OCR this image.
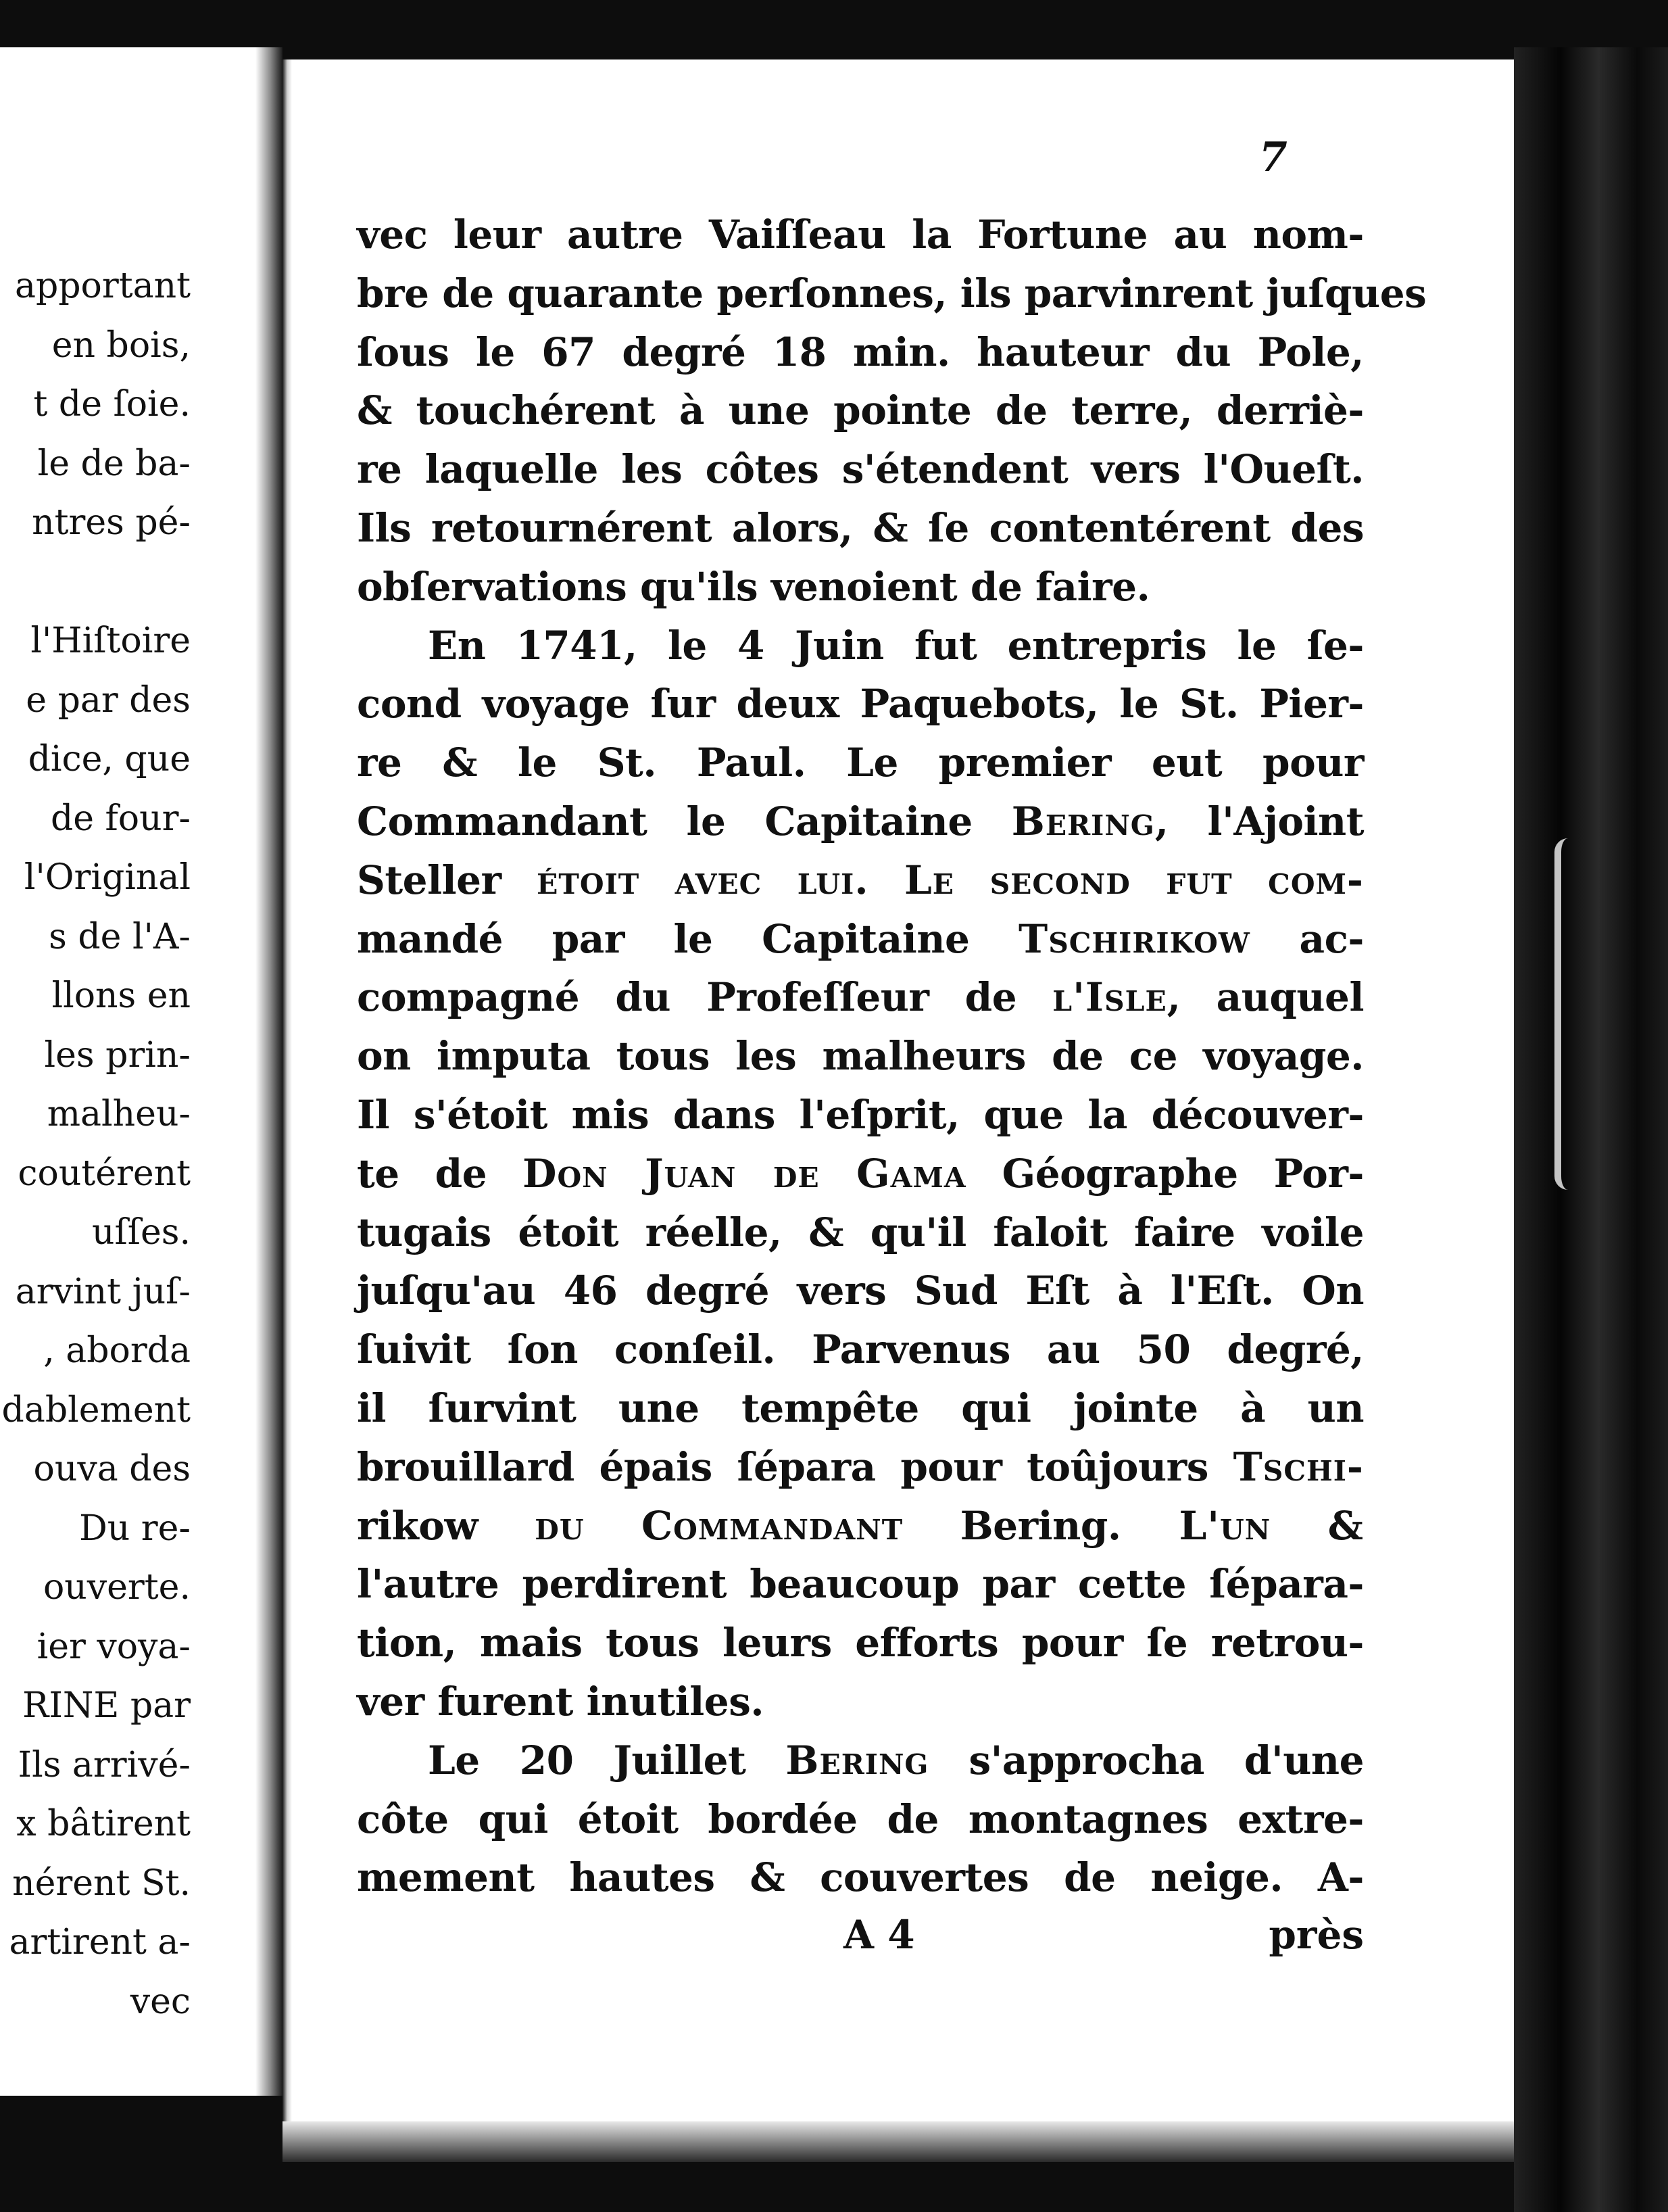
apportant
en bois,
t de ſoie.
le de ba-
ntres pé-
l'Hiſtoire
e par des
dice, que
de four-
l'Original
s de l'A-
llons en
les prin-
malheu-
coutérent
uſſes.
arvint juſ-
, aborda
dablement
ouva des
Du re-
ouverte.
ier voya-
RINE par
Ils arrivé-
x bâtirent
nérent St.
artirent a-
vec
7
vec leur autre Vaiſſeau la Fortune au nom-
bre de quarante perſonnes, ils parvinrent juſques
ſous le 67 degré 18 min. hauteur du Pole,
& touchérent à une pointe de terre, derriè-
re laquelle les côtes s'étendent vers l'Oueſt.
Ils retournérent alors, & ſe contentérent des
obſervations qu'ils venoient de faire.
En 1741, le 4 Juin fut entrepris le ſe-
cond voyage ſur deux Paquebots, le St. Pier-
re & le St. Paul. Le premier eut pour
Commandant le Capitaine Bering, l'Ajoint
Steller étoit avec lui. Le ſecond fut com-
mandé par le Capitaine Tschirikow ac-
compagné du Profeſſeur de l'Isle, auquel
on imputa tous les malheurs de ce voyage.
Il s'étoit mis dans l'eſprit, que la découver-
te de Don Juan de Gama Géographe Por-
tugais étoit réelle, & qu'il faloit faire voile
juſqu'au 46 degré vers Sud Eſt à l'Eſt. On
ſuivit ſon conſeil. Parvenus au 50 degré,
il ſurvint une tempête qui jointe à un
brouillard épais ſépara pour toûjours Tschi-
rikow du Commandant Bering. L'un &
l'autre perdirent beaucoup par cette ſépara-
tion, mais tous leurs efforts pour ſe retrou-
ver furent inutiles.
Le 20 Juillet Bering s'approcha d'une
côte qui étoit bordée de montagnes extre-
mement hautes & couvertes de neige. A-
A 4	près
